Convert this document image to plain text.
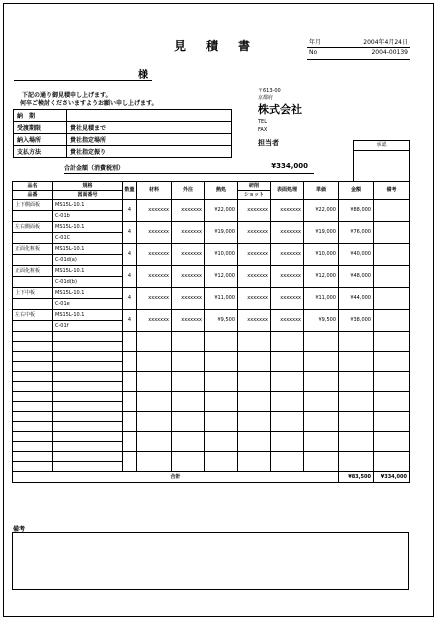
見　積　書	年月	2004年4月24日
No	2004-00139
様
下記の通り御見積申し上げます。
何卒ご検討くださいますようお願い申し上げます。
納　期	
受渡期限	貴社見積まで
納入場所	貴社指定場所
支払方法	貴社指定振り
〒613-00
京都府
株式会社
TEL
FAX
担当者	承認
合計金額（消費税別）	¥334,000
品名	規格	数量	材料	外注	熱処	研削	表面処理	単価	金額	備考
品番	図面番号					ショット				
上下側面板	MS15L-10.1	4	xxxxxxx	xxxxxxx	¥22,000	xxxxxxx	xxxxxxx	¥22,000	¥88,000	
	C-01b									
左右側面板	MS15L-10.1	4	xxxxxxx	xxxxxxx	¥19,000	xxxxxxx	xxxxxxx	¥19,000	¥76,000	
	C-01C									
正面化粧板	MS15L-10.1	4	xxxxxxx	xxxxxxx	¥10,000	xxxxxxx	xxxxxxx	¥10,000	¥40,000	
	C-01d(a)									
正面化粧板	MS15L-10.1	4	xxxxxxx	xxxxxxx	¥12,000	xxxxxxx	xxxxxxx	¥12,000	¥48,000	
	C-01d(b)									
上下中板	MS15L-10.1	4	xxxxxxx	xxxxxxx	¥11,000	xxxxxxx	xxxxxxx	¥11,000	¥44,000	
	C-01e									
左右中板	MS15L-10.1	4	xxxxxxx	xxxxxxx	¥9,500	xxxxxxx	xxxxxxx	¥9,500	¥38,000	
	C-01f									

合計									¥83,500	¥334,000
備考
